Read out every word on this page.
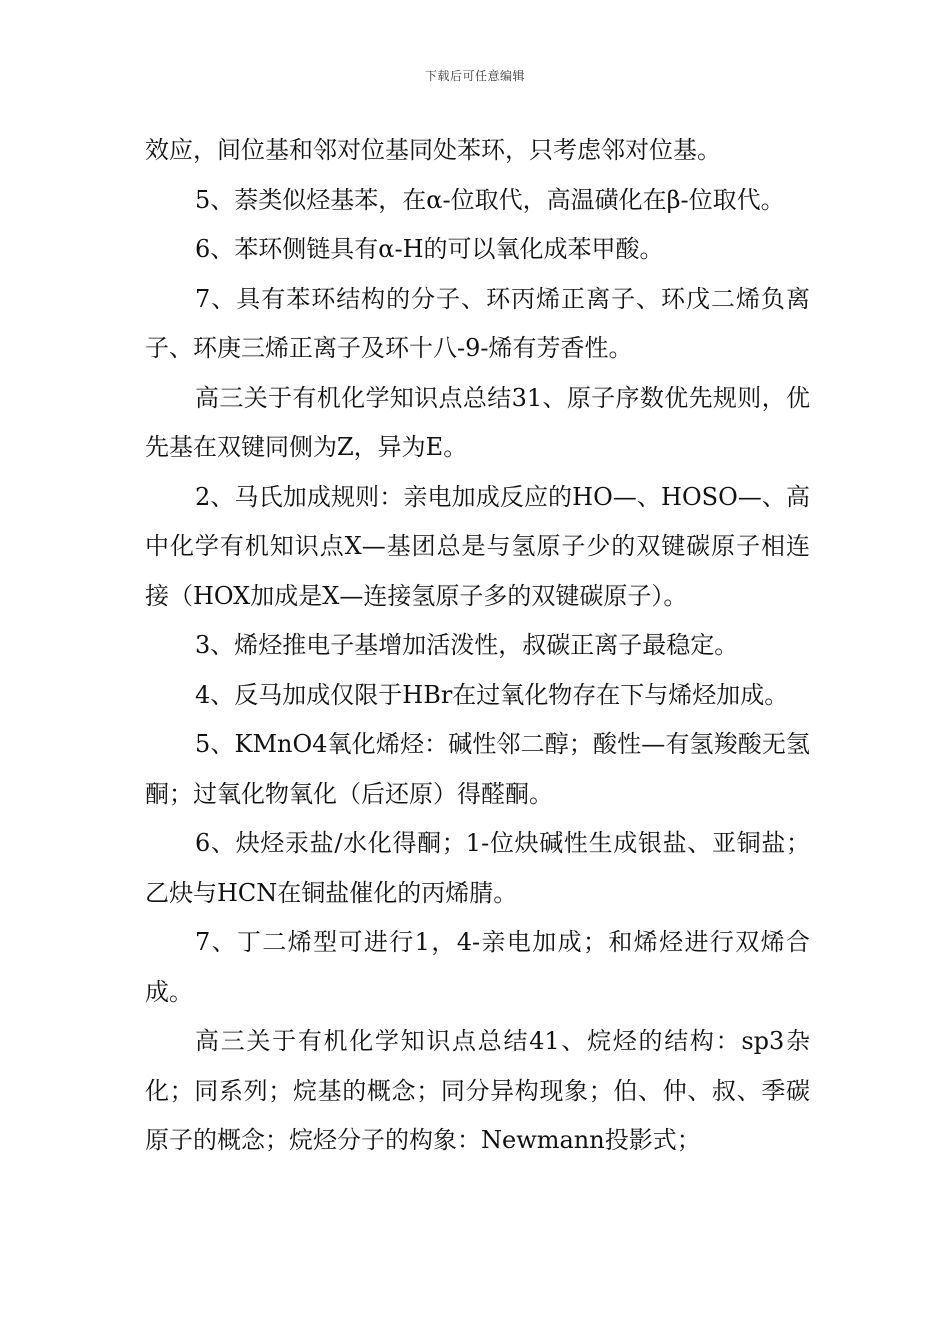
下载后可任意编辑

效应，间位基和邻对位基同处苯环，只考虑邻对位基。

5、萘类似烃基苯，在α-位取代，高温磺化在β-位取代。

6、苯环侧链具有α-H的可以氧化成苯甲酸。

7、具有苯环结构的分子、环丙烯正离子、环戊二烯负离子、环庚三烯正离子及环十八-9-烯有芳香性。

高三关于有机化学知识点总结31、原子序数优先规则，优先基在双键同侧为Z，异为E。

2、马氏加成规则：亲电加成反应的HO—、HOSO—、高中化学有机知识点X—基团总是与氢原子少的双键碳原子相连接（HOX加成是X—连接氢原子多的双键碳原子）。

3、烯烃推电子基增加活泼性，叔碳正离子最稳定。

4、反马加成仅限于HBr在过氧化物存在下与烯烃加成。

5、KMnO4氧化烯烃：碱性邻二醇；酸性—有氢羧酸无氢酮；过氧化物氧化（后还原）得醛酮。

6、炔烃汞盐/水化得酮；1-位炔碱性生成银盐、亚铜盐；乙炔与HCN在铜盐催化的丙烯腈。

7、丁二烯型可进行1，4-亲电加成；和烯烃进行双烯合成。

高三关于有机化学知识点总结41、烷烃的结构：sp3杂化；同系列；烷基的概念；同分异构现象；伯、仲、叔、季碳原子的概念；烷烃分子的构象：Newmann投影式；
